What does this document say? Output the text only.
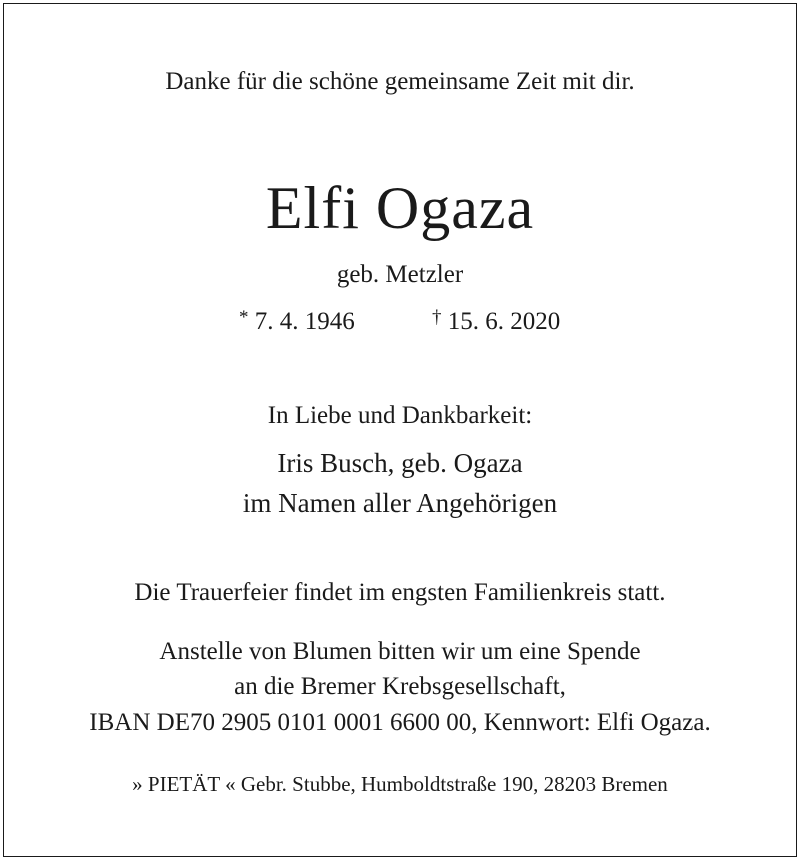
Danke für die schöne gemeinsame Zeit mit dir.
Elfi Ogaza
geb. Metzler
* 7. 4. 1946	† 15. 6. 2020
In Liebe und Dankbarkeit:
Iris Busch, geb. Ogaza
im Namen aller Angehörigen
Die Trauerfeier findet im engsten Familienkreis statt.
Anstelle von Blumen bitten wir um eine Spende
an die Bremer Krebsgesellschaft,
IBAN DE70 2905 0101 0001 6600 00, Kennwort: Elfi Ogaza.
» PIETÄT « Gebr. Stubbe, Humboldtstraße 190, 28203 Bremen
